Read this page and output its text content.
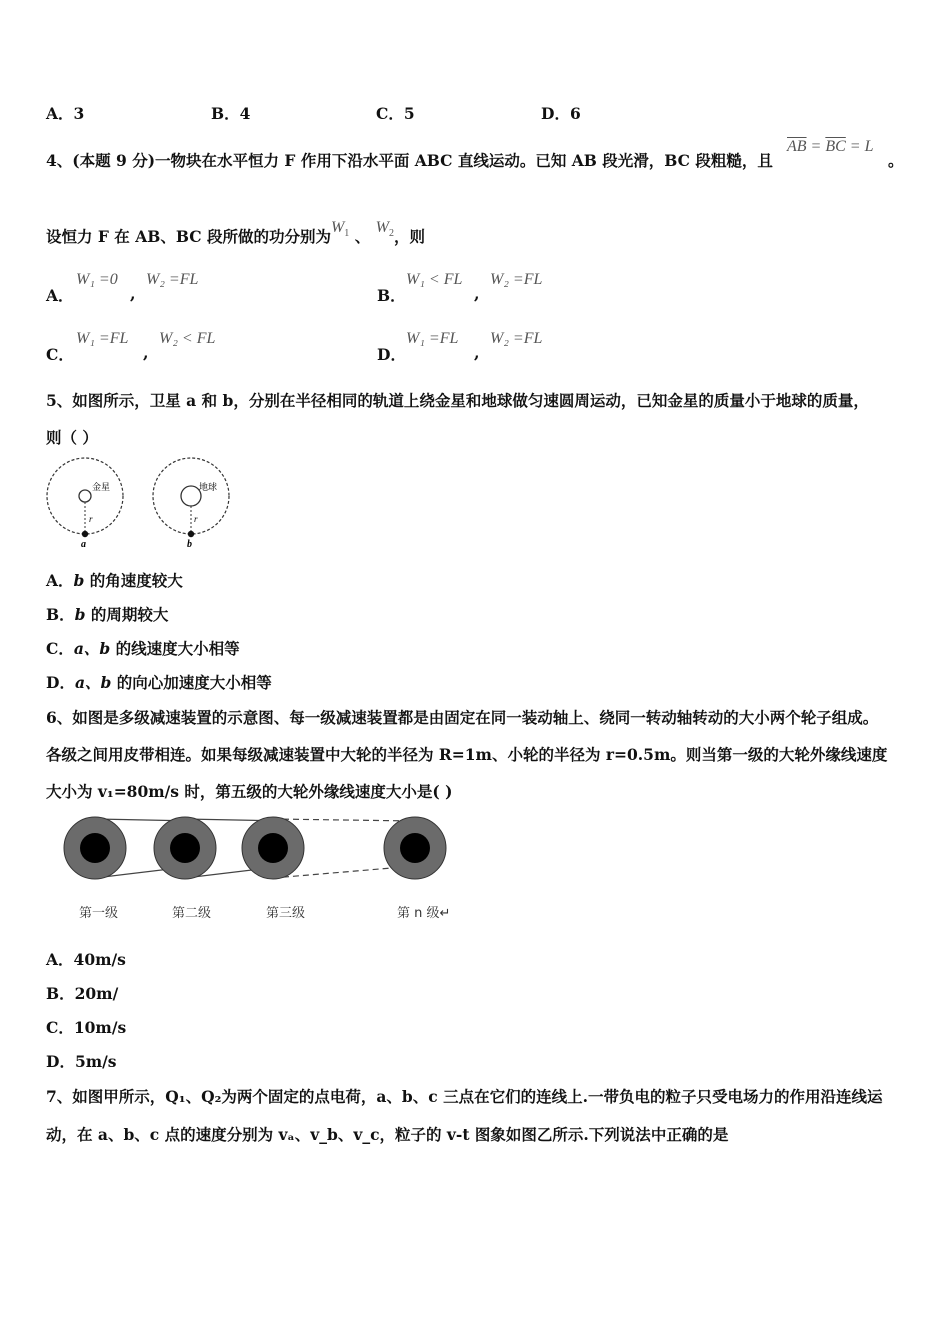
A．3	B．4	C．5	D．6
4、(本题 9 分)一物块在水平恒力 F 作用下沿水平面 ABC 直线运动。已知 AB 段光滑，BC 段粗糙，且
$\overline{AB} = \overline{BC} = L$
。
设恒力 F 在 AB、BC 段所做的功分别为$W_1$ 、 $W_2$，则
A．
W₁ =0
,
W₂ =FL
B．
W₁ < FL
,
W₂ =FL
C．
W₁ =FL
,
W₂ < FL
D．
W₁ =FL
,
W₂ =FL
5、如图所示，卫星 a 和 b，分别在半径相同的轨道上绕金星和地球做匀速圆周运动，已知金星的质量小于地球的质量，
则（ ）
金星
r
a
地球
r
b
A．b 的角速度较大
B．b 的周期较大
C．a、b 的线速度大小相等
D．a、b 的向心加速度大小相等
6、如图是多级减速装置的示意图、每一级减速装置都是由固定在同一装动轴上、绕同一转动轴转动的大小两个轮子组成。
各级之间用皮带相连。如果每级减速装置中大轮的半径为 R=1m、小轮的半径为 r=0.5m。则当第一级的大轮外缘线速度
大小为 v₁=80m/s 时，第五级的大轮外缘线速度大小是( )
第一级	第二级	第三级	第 n 级↵
A．40m/s
B．20m/
C．10m/s
D．5m/s
7、如图甲所示，Q₁、Q₂为两个固定的点电荷，a、b、c 三点在它们的连线上.一带负电的粒子只受电场力的作用沿连线运
动，在 a、b、c 点的速度分别为 vₐ、v_b、v_c，粒子的 v-t 图象如图乙所示.下列说法中正确的是
